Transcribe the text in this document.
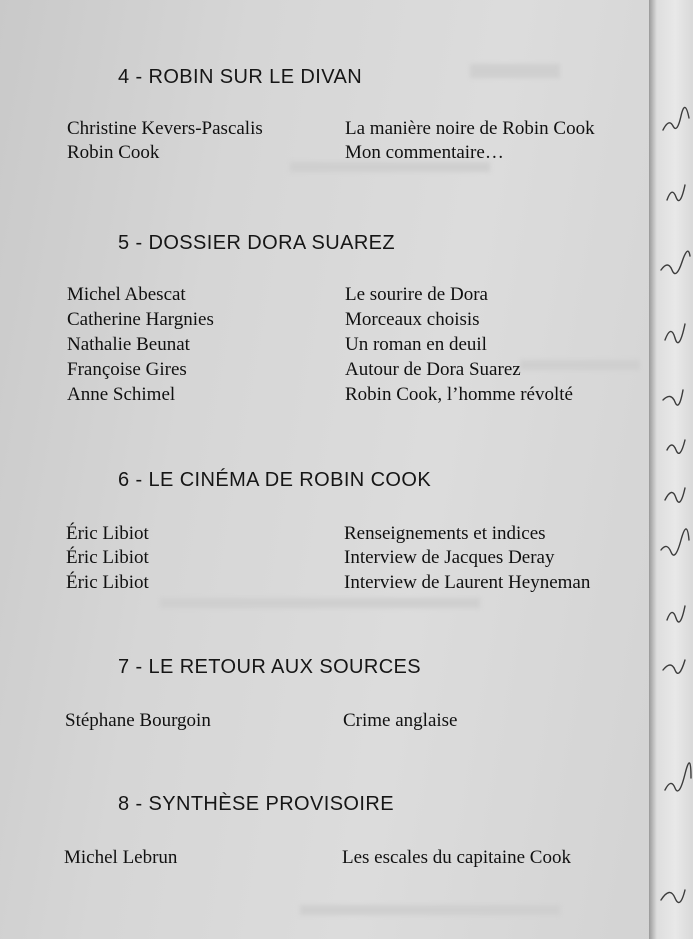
4 - ROBIN SUR LE DIVAN
Christine Kevers-Pascalis	La manière noire de Robin Cook
Robin Cook	Mon commentaire…
5 - DOSSIER DORA SUAREZ
Michel Abescat	Le sourire de Dora
Catherine Hargnies	Morceaux choisis
Nathalie Beunat	Un roman en deuil
Françoise Gires	Autour de Dora Suarez
Anne Schimel	Robin Cook, l’homme révolté
6 - LE CINÉMA DE ROBIN COOK
Éric Libiot	Renseignements et indices
Éric Libiot	Interview de Jacques Deray
Éric Libiot	Interview de Laurent Heyneman
7 - LE RETOUR AUX SOURCES
Stéphane Bourgoin	Crime anglaise
8 - SYNTHÈSE PROVISOIRE
Michel Lebrun	Les escales du capitaine Cook
